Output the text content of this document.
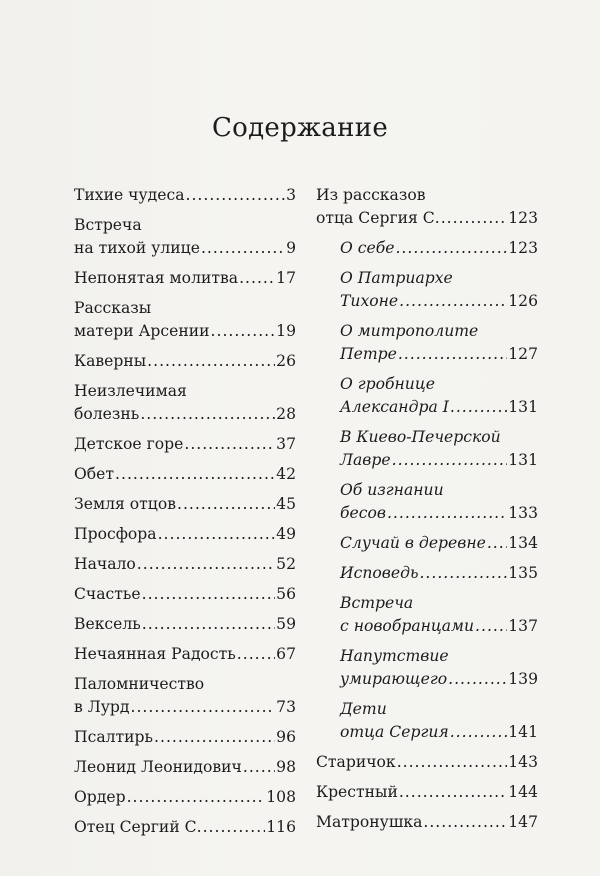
Содержание
Тихие чудеса .....	3
Встреча
на тихой улице .....	9
Непонятая молитва ..... 17
Рассказы
матери Арсении .....	19
Каверны .....	26
Неизлечимая
болезнь .....	28
Детское горе .....	37
Обет .....	42
Земля отцов .....	45
Просфора .....	49
Начало .....	52
Счастье .....	56
Вексель .....	59
Нечаянная Радость .....	67
Паломничество
в Лурд .....	73
Псалтирь .....	96
Леонид Леонидович ..... 98
Ордер .....	108
Отец Сергий С. .....	116
Из рассказов
отца Сергия С. .....	123
О себе .....	123
О Патриархе
Тихоне .....	126
О митрополите
Петре .....	127
О гробнице
Александра I .....	131
В Киево-Печерской
Лавре .....	131
Об изгнании
бесов .....	133
Случай в деревне ..... 134
Исповедь .....	135
Встреча
с новобранцами ..... 137
Напутствие
умирающего .....	139
Дети
отца Сергия .....	141
Старичок .....	143
Крестный .....	144
Матронушка .....	147
